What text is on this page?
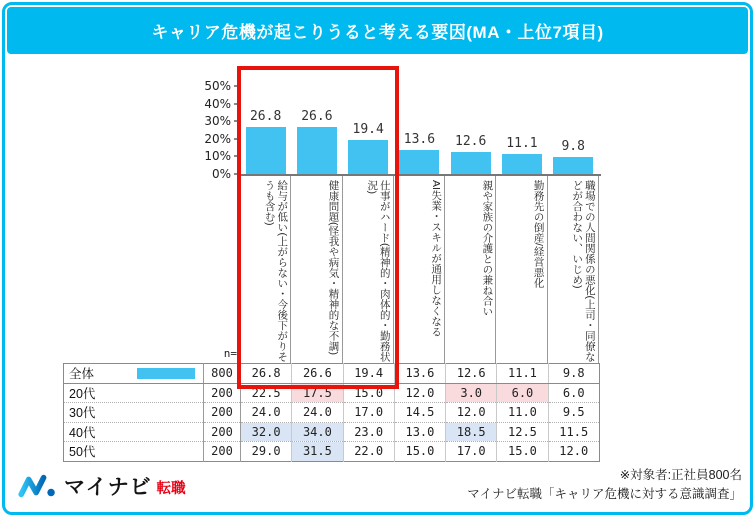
キャリア危機が起こりうると考える要因(MA・上位7項目)
0%
10%
20%
30%
40%
50%
26.8 26.6
19.4
13.6 12.6 11.1 9.8
給与が低い(上がらない・今後下がりそうも含む)	健康問題(怪我や病気・精神的な不調)	仕事がハード(精神的・肉体的・勤務状況)	AI失業・スキルが通用しなくなる	親や家族の介護との兼ね合い	勤務先の倒産/経営悪化	職場での人間関係の悪化(上司・同僚などが合わない、いじめ)
n=
全体	800	26.8	26.6	19.4	13.6	12.6	11.1	9.8

20代	200	22.5	17.5	15.0	12.0	3.0	6.0	6.0

30代	200	24.0	24.0	17.0	14.5	12.0	11.0	9.5

40代	200	32.0	34.0	23.0	13.0	18.5	12.5	11.5

50代	200	29.0	31.5	22.0	15.0	17.0	15.0	12.0
マイナビ 転職
※対象者:正社員800名
マイナビ転職「キャリア危機に対する意識調査」
